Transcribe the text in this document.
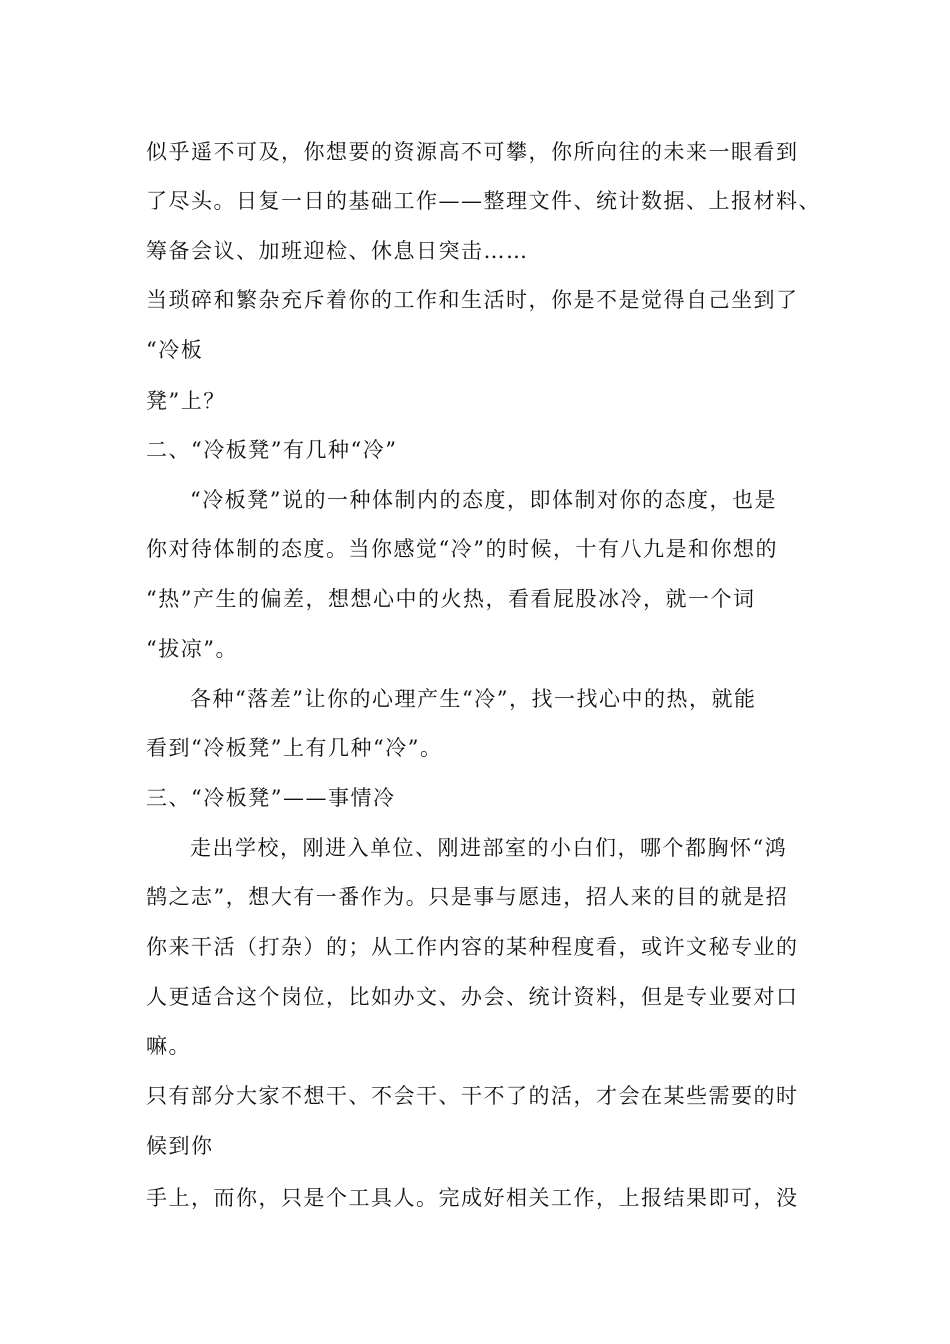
似乎遥不可及，你想要的资源高不可攀，你所向往的未来一眼看到
了尽头。日复一日的基础工作——整理文件、统计数据、上报材料、
筹备会议、加班迎检、休息日突击……
当琐碎和繁杂充斥着你的工作和生活时，你是不是觉得自己坐到了
“冷板
凳”上？
二、“冷板凳”有几种“冷”
“冷板凳”说的一种体制内的态度，即体制对你的态度，也是
你对待体制的态度。当你感觉“冷”的时候，十有八九是和你想的
“热”产生的偏差，想想心中的火热，看看屁股冰冷，就一个词
“拔凉”。
各种“落差”让你的心理产生“冷”，找一找心中的热，就能
看到“冷板凳”上有几种“冷”。
三、“冷板凳”——事情冷
走出学校，刚进入单位、刚进部室的小白们，哪个都胸怀“鸿
鹄之志”，想大有一番作为。只是事与愿违，招人来的目的就是招
你来干活（打杂）的；从工作内容的某种程度看，或许文秘专业的
人更适合这个岗位，比如办文、办会、统计资料，但是专业要对口
嘛。
只有部分大家不想干、不会干、干不了的活，才会在某些需要的时
候到你
手上，而你，只是个工具人。完成好相关工作，上报结果即可，没
